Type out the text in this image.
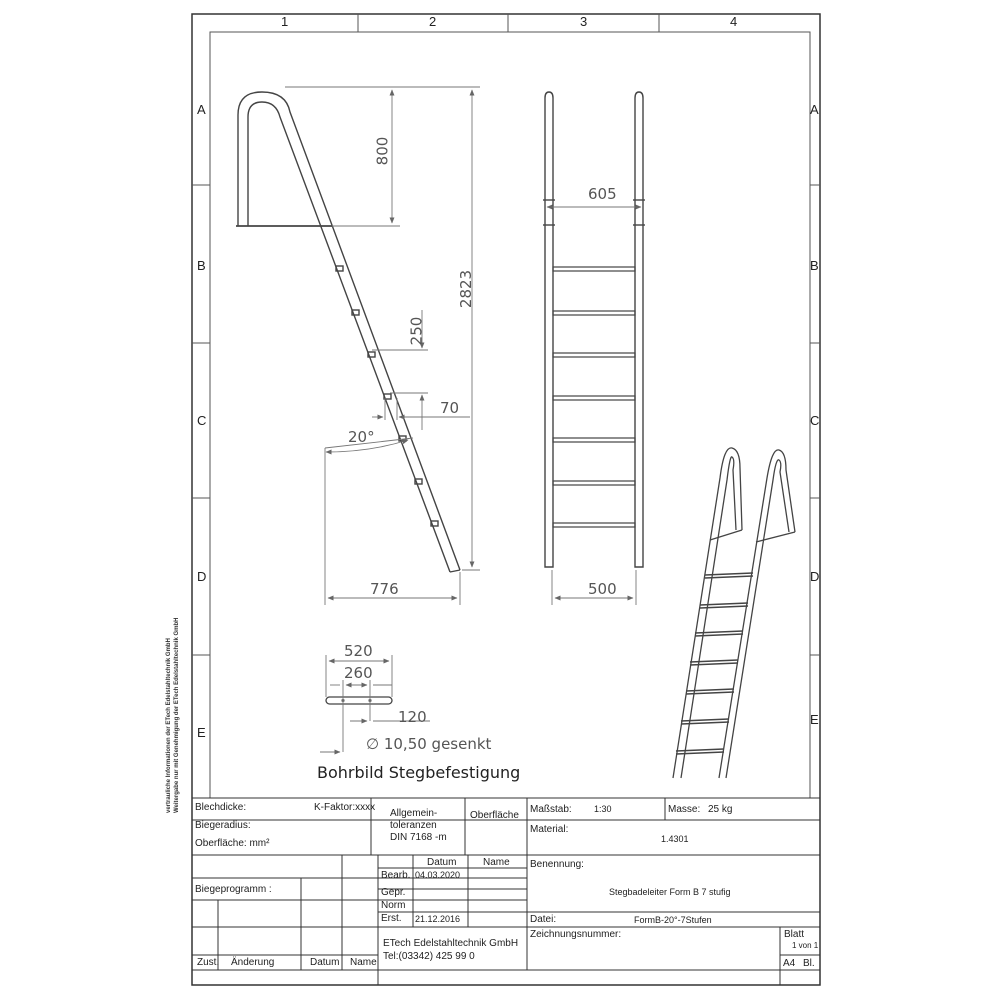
1	2	3	4
A
B
C
D
E
A
B
C
D
E
vertrauliche Informationen der ETech Edelstahltechnik GmbH Weitergabe nur mit Genehmigung der ETech Edelstahltechnik GmbH
800
2823
250
70
20°
776
605
500
520
260
120
∅ 10,50 gesenkt
Bohrbild Stegbefestigung
Blechdicke:	K-Faktor:xxxx
Biegeradius:
Oberfläche: mm²
Allgemein-
toleranzen
DIN 7168 -m
Oberfläche
Maßstab: 1:30	Masse: 25 kg
Material:
1.4301
Datum	Name
Bearb. 04.03.2020
Gepr.
Norm
Erst. 21.12.2016
Biegeprogramm :
Benennung:
Stegbadeleiter Form B 7 stufig
Datei:	FormB-20°-7Stufen
ETech Edelstahltechnik GmbH
Tel:(03342) 425 99 0
Zeichnungsnummer:	Blatt
1 von 1
A4 Bl.
Zust. Änderung	Datum Name
